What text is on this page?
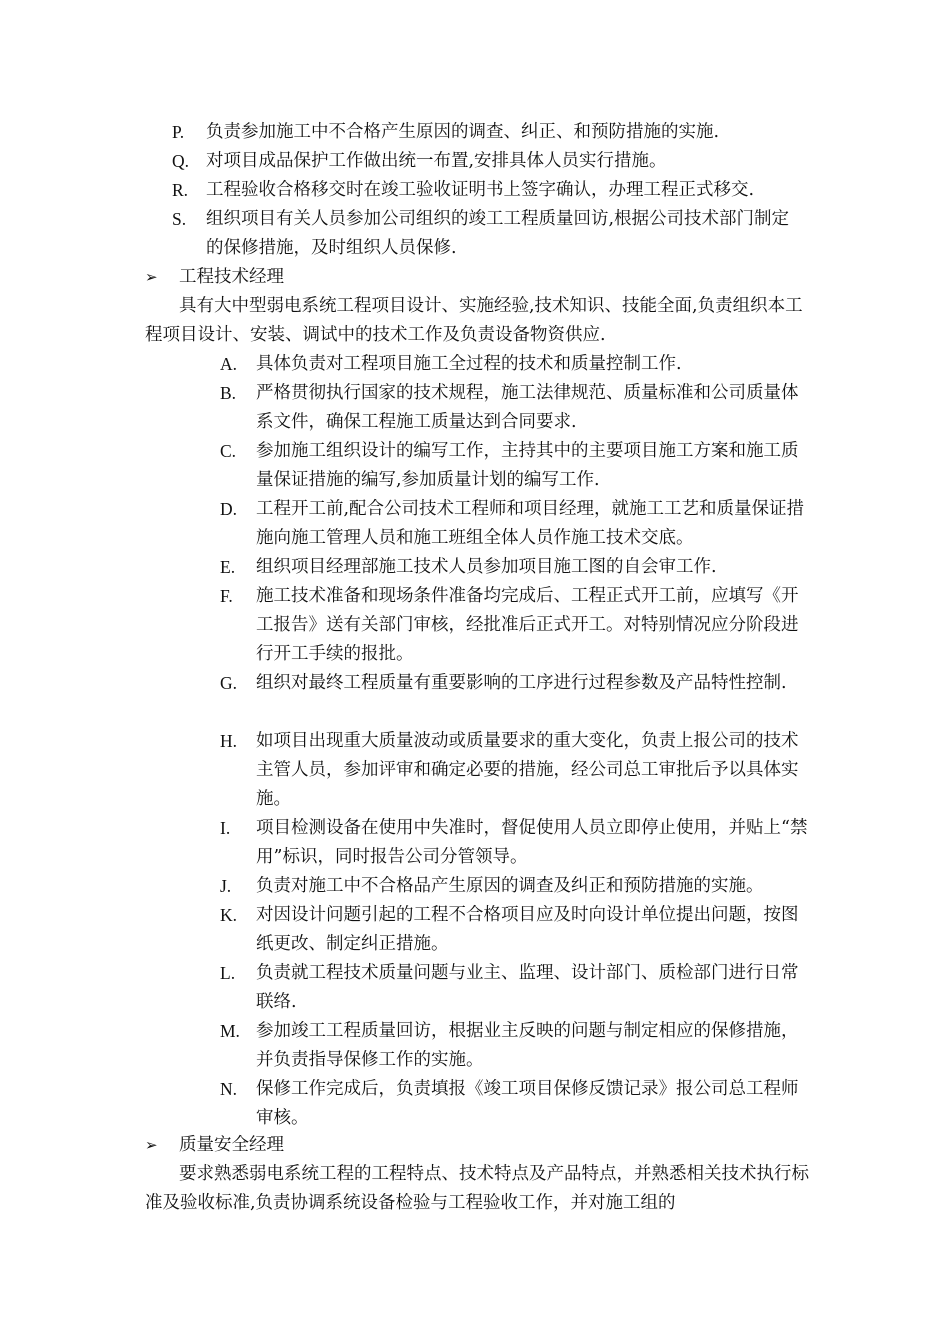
P.	负责参加施工中不合格产生原因的调查、纠正、和预防措施的实施.
Q. 对项目成品保护工作做出统一布置,安排具体人员实行措施。
R.	工程验收合格移交时在竣工验收证明书上签字确认，办理工程正式移交.
S.	组织项目有关人员参加公司组织的竣工工程质量回访,根据公司技术部门制定的保修措施，及时组织人员保修.
➢	工程技术经理

具有大中型弱电系统工程项目设计、实施经验,技术知识、技能全面,负责组织本工程项目设计、安装、调试中的技术工作及负责设备物资供应.

A.	具体负责对工程项目施工全过程的技术和质量控制工作.
B.	严格贯彻执行国家的技术规程，施工法律规范、质量标准和公司质量体系文件，确保工程施工质量达到合同要求.
C.	参加施工组织设计的编写工作，主持其中的主要项目施工方案和施工质量保证措施的编写,参加质量计划的编写工作.
D.	工程开工前,配合公司技术工程师和项目经理，就施工工艺和质量保证措施向施工管理人员和施工班组全体人员作施工技术交底。
E.	组织项目经理部施工技术人员参加项目施工图的自会审工作.
F.	施工技术准备和现场条件准备均完成后、工程正式开工前，应填写《开工报告》送有关部门审核，经批准后正式开工。对特别情况应分阶段进行开工手续的报批。
G.	组织对最终工程质量有重要影响的工序进行过程参数及产品特性控制.
H.	如项目出现重大质量波动或质量要求的重大变化，负责上报公司的技术主管人员，参加评审和确定必要的措施，经公司总工审批后予以具体实施。
I.	项目检测设备在使用中失准时，督促使用人员立即停止使用，并贴上“禁用”标识，同时报告公司分管领导。
J.	负责对施工中不合格品产生原因的调查及纠正和预防措施的实施。
K.	对因设计问题引起的工程不合格项目应及时向设计单位提出问题，按图纸更改、制定纠正措施。
L.	负责就工程技术质量问题与业主、监理、设计部门、质检部门进行日常联络.
M. 参加竣工工程质量回访，根据业主反映的问题与制定相应的保修措施，并负责指导保修工作的实施。
N.	保修工作完成后，负责填报《竣工项目保修反馈记录》报公司总工程师审核。
➢	质量安全经理

要求熟悉弱电系统工程的工程特点、技术特点及产品特点，并熟悉相关技术执行标准及验收标准,负责协调系统设备检验与工程验收工作，并对施工组的
